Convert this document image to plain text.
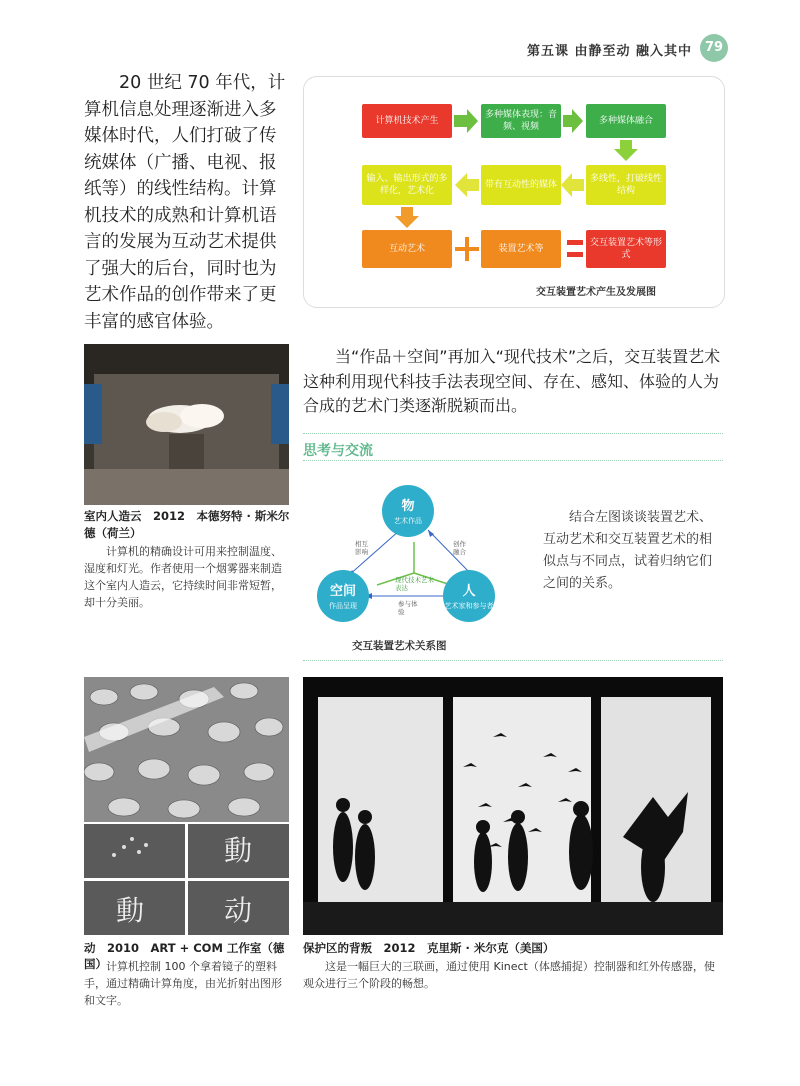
第五课 由静至动 融入其中 79

20 世纪 70 年代，计算机信息处理逐渐进入多媒体时代，人们打破了传统媒体（广播、电视、报纸等）的线性结构。计算机技术的成熟和计算机语言的发展为互动艺术提供了强大的后台，同时也为艺术作品的创作带来了更丰富的感官体验。

计算机技术产生
多种媒体表现：音频、视频
多种媒体融合
输入、输出形式的多样化，艺术化
带有互动性的媒体
多线性，打破线性结构
互动艺术	装置艺术等
交互装置艺术等形式
交互装置艺术产生及发展图
室内人造云　2012　本德努特 · 斯米尔德（荷兰）
计算机的精确设计可用来控制温度、湿度和灯光。作者使用一个烟雾器来制造这个室内人造云，它持续时间非常短暂，却十分美丽。

当“作品＋空间”再加入“现代技术”之后，交互装置艺术这种利用现代科技手法表现空间、存在、感知、体验的人为合成的艺术门类逐渐脱颖而出。

思考与交流
物
艺术作品
空间
作品呈现
人
艺术家和参与者
相互影响
创作融合
参与体验
现代技术艺术表达
交互装置艺术关系图

结合左图谈谈装置艺术、互动艺术和交互装置艺术的相似点与不同点，试着归纳它们之间的关系。

動
動	动
动　2010　ART + COM 工作室（德国） 计算机控制 100 个拿着镜子的塑料手，通过精确计算角度，由光折射出图形和文字。
保护区的背叛　2012　克里斯 · 米尔克（美国）
这是一幅巨大的三联画，通过使用 Kinect（体感捕捉）控制器和红外传感器，使观众进行三个阶段的畅想。
